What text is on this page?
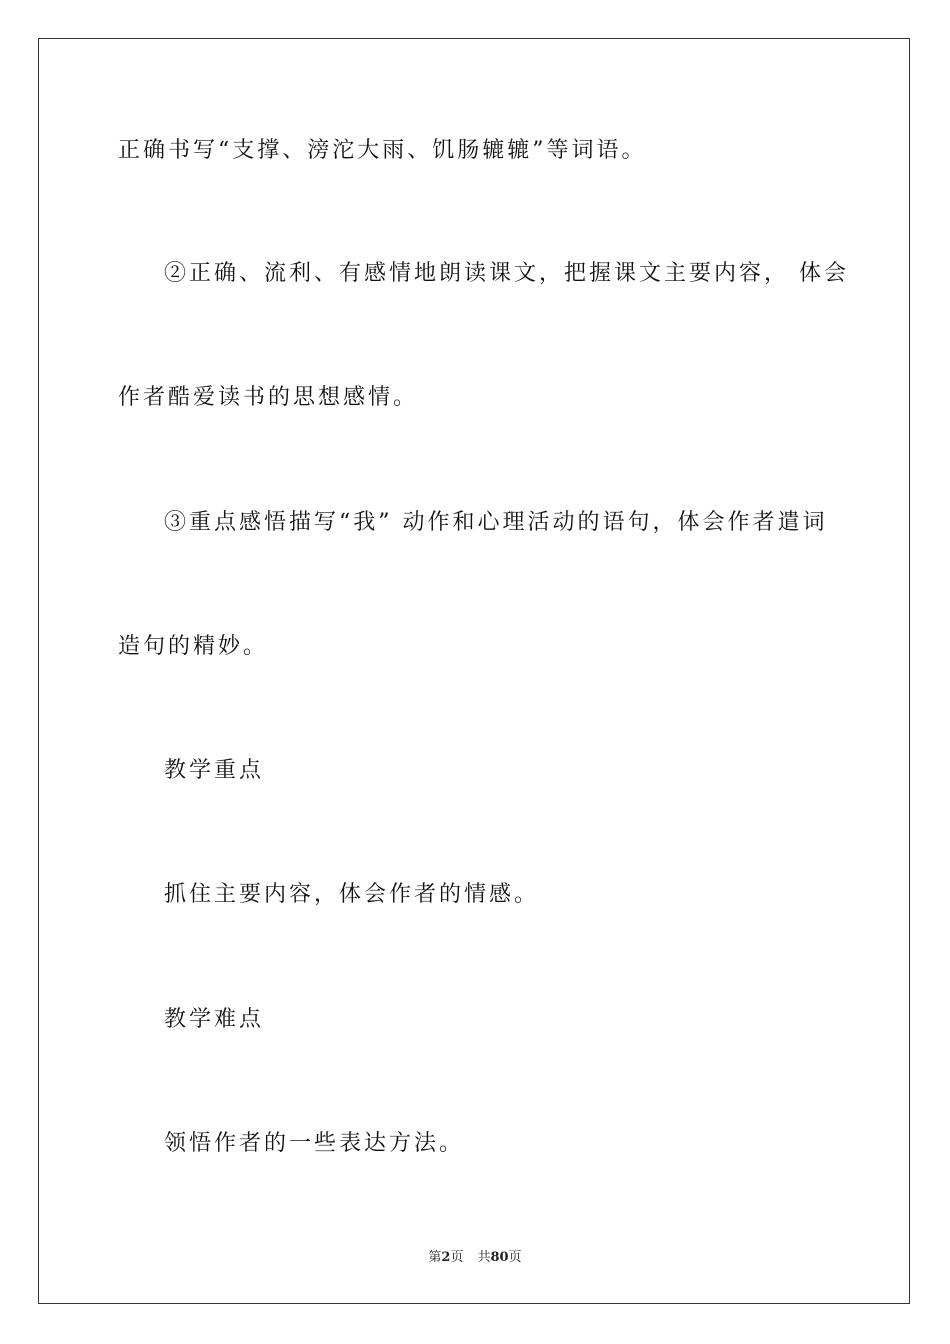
正确书写“支撑、滂沱大雨、饥肠辘辘”等词语。
②正确、流利、有感情地朗读课文，把握课文主要内容， 体会
作者酷爱读书的思想感情。
③重点感悟描写“我” 动作和心理活动的语句，体会作者遣词
造句的精妙。
教学重点
抓住主要内容，体会作者的情感。
教学难点
领悟作者的一些表达方法。
第2页 共80页
